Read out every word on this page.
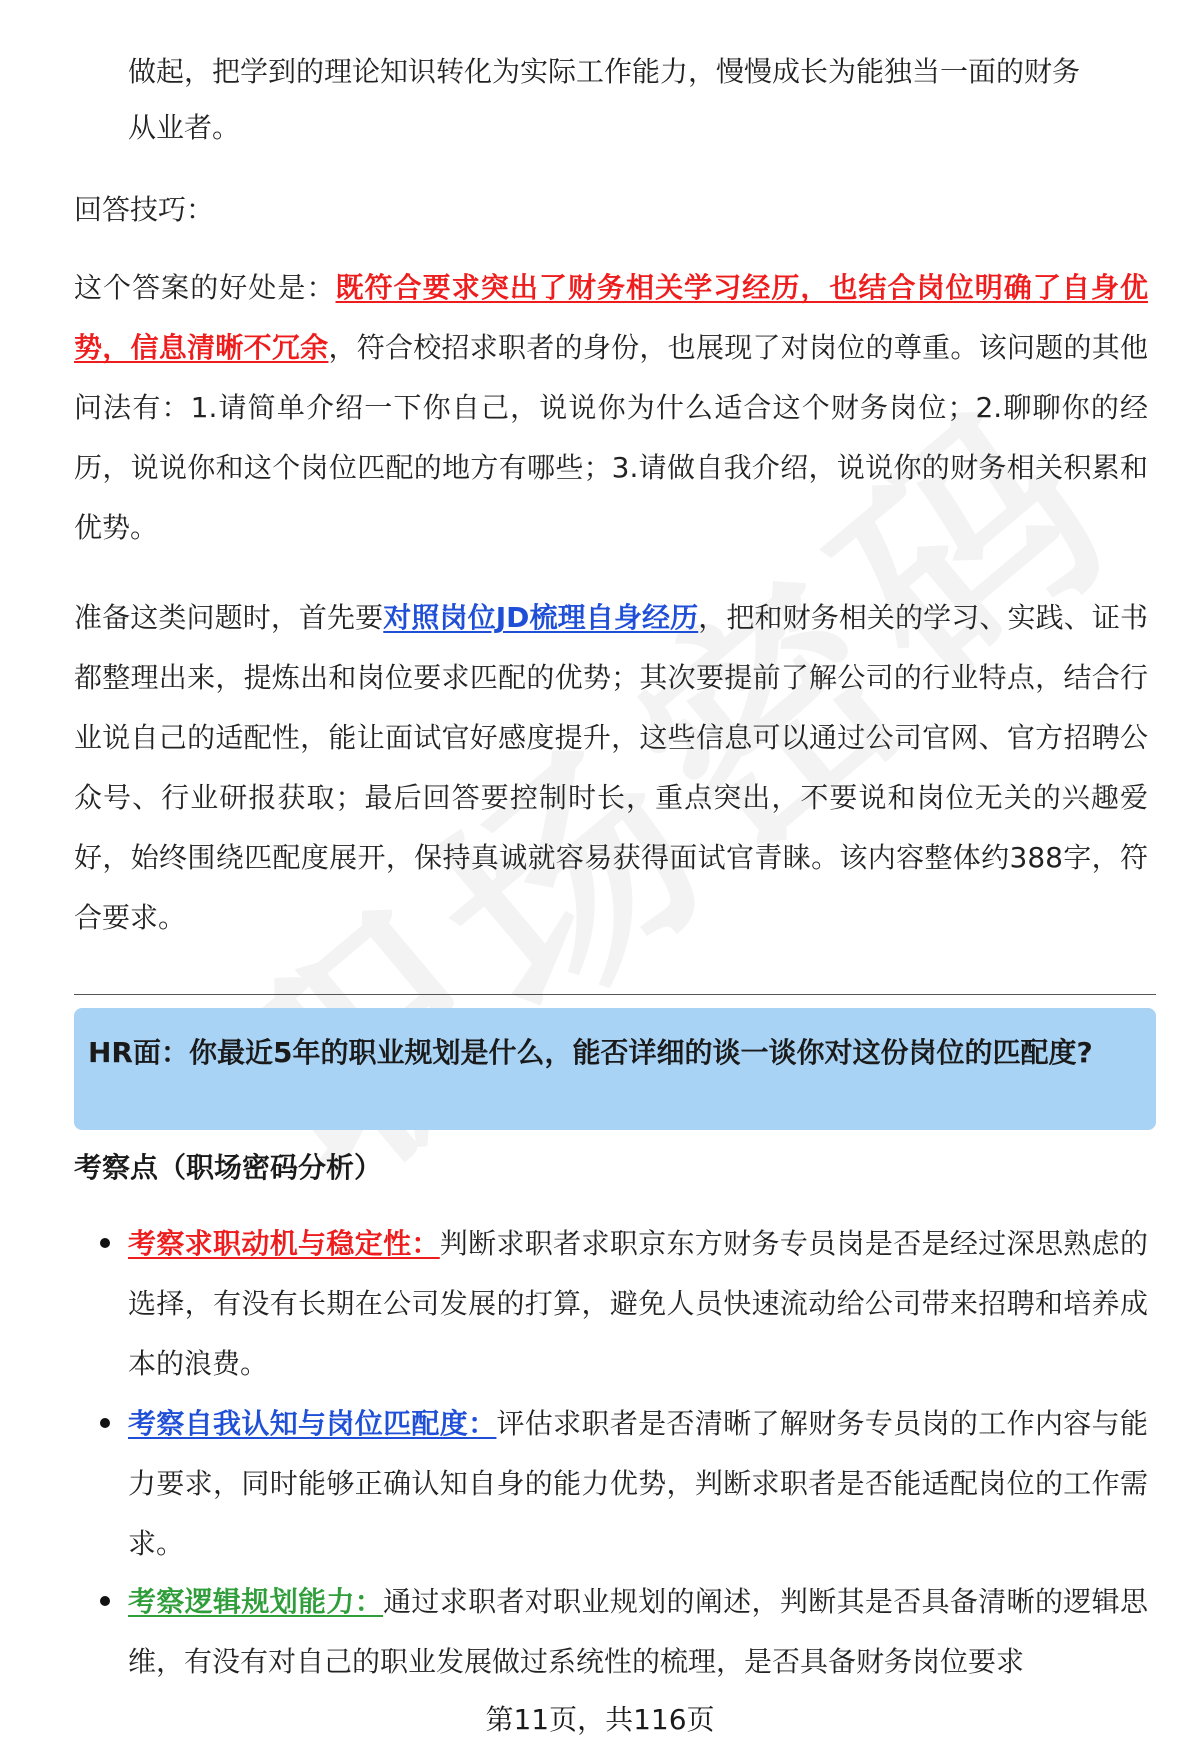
做起，把学到的理论知识转化为实际工作能力，慢慢成长为能独当一面的财务

从业者。

回答技巧：

这个答案的好处是：既符合要求突出了财务相关学习经历，也结合岗位明确了自身优势，信息清晰不冗余，符合校招求职者的身份，也展现了对岗位的尊重。该问题的其他问法有：1.请简单介绍一下你自己，说说你为什么适合这个财务岗位；2.聊聊你的经历，说说你和这个岗位匹配的地方有哪些；3.请做自我介绍，说说你的财务相关积累和优势。

准备这类问题时，首先要对照岗位JD梳理自身经历，把和财务相关的学习、实践、证书都整理出来，提炼出和岗位要求匹配的优势；其次要提前了解公司的行业特点，结合行业说自己的适配性，能让面试官好感度提升，这些信息可以通过公司官网、官方招聘公众号、行业研报获取；最后回答要控制时长，重点突出，不要说和岗位无关的兴趣爱好，始终围绕匹配度展开，保持真诚就容易获得面试官青睐。该内容整体约388字，符合要求。

HR面：你最近5年的职业规划是什么，能否详细的谈一谈你对这份岗位的匹配度?
考察点（职场密码分析）

考察求职动机与稳定性：判断求职者求职京东方财务专员岗是否是经过深思熟虑的选择，有没有长期在公司发展的打算，避免人员快速流动给公司带来招聘和培养成本的浪费。

考察自我认知与岗位匹配度：评估求职者是否清晰了解财务专员岗的工作内容与能力要求，同时能够正确认知自身的能力优势，判断求职者是否能适配岗位的工作需求。

考察逻辑规划能力：通过求职者对职业规划的阐述，判断其是否具备清晰的逻辑思维，有没有对自己的职业发展做过系统性的梳理，是否具备财务岗位要求

第11页，共116页
